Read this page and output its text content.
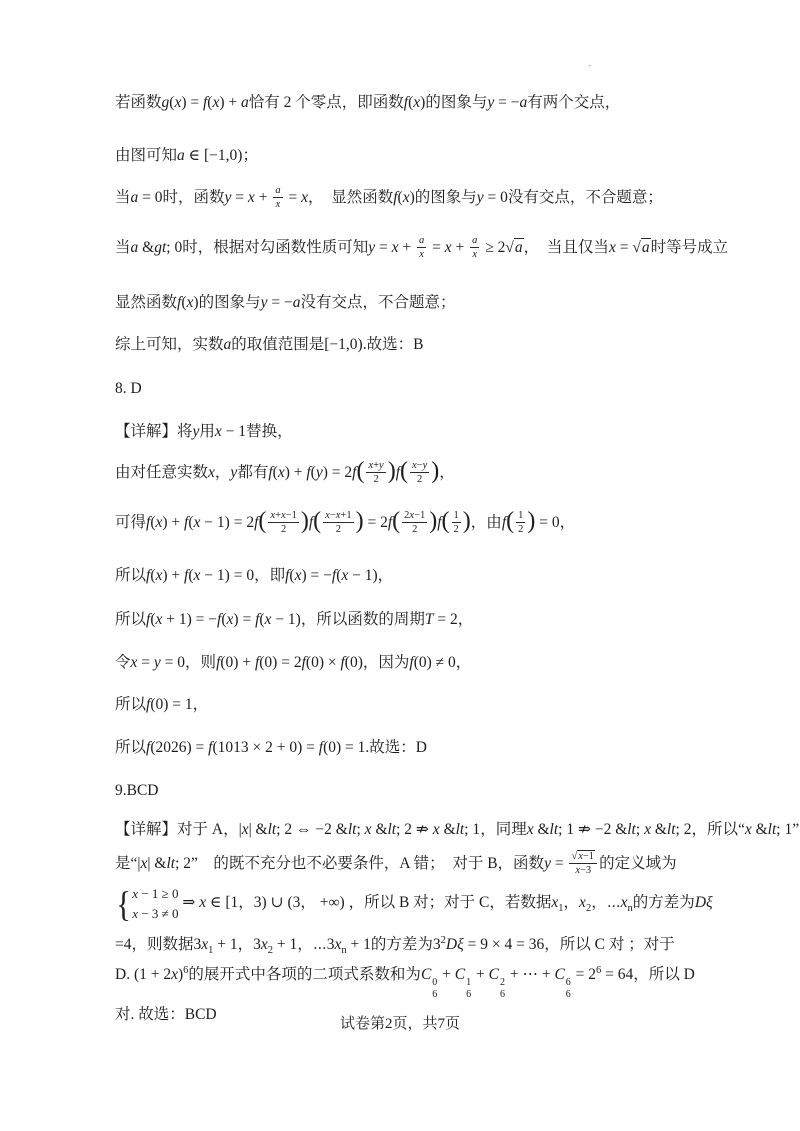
·
若函数g(x) = f(x) + a恰有 2 个零点，即函数f(x)的图象与y = −a有两个交点，
由图可知a ∈ [−1,0)；
当a = 0时，函数$y = x + \frac{a}{x} = x$，　显然函数f(x)的图象与y = 0没有交点，不合题意；
当a &gt; 0时，根据对勾函数性质可知$y = x + \frac{a}{x} = x + \frac{a}{x} \ge 2√a$，　当且仅当x = √a时等号成立
显然函数f(x)的图象与y = −a没有交点，不合题意；
综上可知，实数a的取值范围是[−1,0).故选：B
8. D
【详解】将y用x − 1替换，
由对任意实数x，y都有$f(x) + f(y) = 2f( \frac{x+y}{2} )f( \frac{x-y}{2}$ )，
可得$f(x) + f(x - 1) = 2f( \frac{x+x-1}{2} )f( \frac{x-x+1}{2}$ ) = $2f( \frac{2x-1}{2} )f( \frac{1}{2}$ )，由$f( \frac{1}{2}$ ) = 0，
所以f(x) + f(x − 1) = 0，即f(x) = −f(x − 1)，
所以f(x + 1) = −f(x) = f(x − 1)，所以函数的周期T = 2，
令x = y = 0，则f(0) + f(0) = 2f(0) × f(0)，因为f(0) ≠ 0，
所以f(0) = 1，
所以f(2026) = f(1013 × 2 + 0) = f(0) = 1.故选：D
9.BCD
【详解】对于 A，|x| &lt; 2 ⇔ −2 &lt; x &lt; 2 ⇏ x &lt; 1，同理x &lt; 1 ⇏ −2 &lt; x &lt; 2，所以“x &lt; 1”
是“|x| &lt; 2”　的既不充分也不必要条件，A 错；　对于 B，函数$y = \frac{√x-1}{x-3}$ 的定义域为
{ x − 1 ≥ 0
x − 3 ≠ 0
⇒ x ∈ [1，3) ∪ (3， +∞) ，所以 B 对；对于 C，若数据$x_1$，$x_2$，$\cdots x_n$的方差为Dξ
=4，则数据$3x_1 + 1$，$3x_2 + 1$，$\cdots 3x_n + 1$的方差为$3^2D\xi = 9 \times 4 = 36$，所以 C 对 ；对于
D. $(1 + 2x)^6$的展开式中各项的二项式系数和为C 0
6
+ C 1
6
+ C 2
6
+ ⋯ + C 6
6
= $2^6 = 64$，所以 D
对. 故选：BCD
试卷第2页，共7页
